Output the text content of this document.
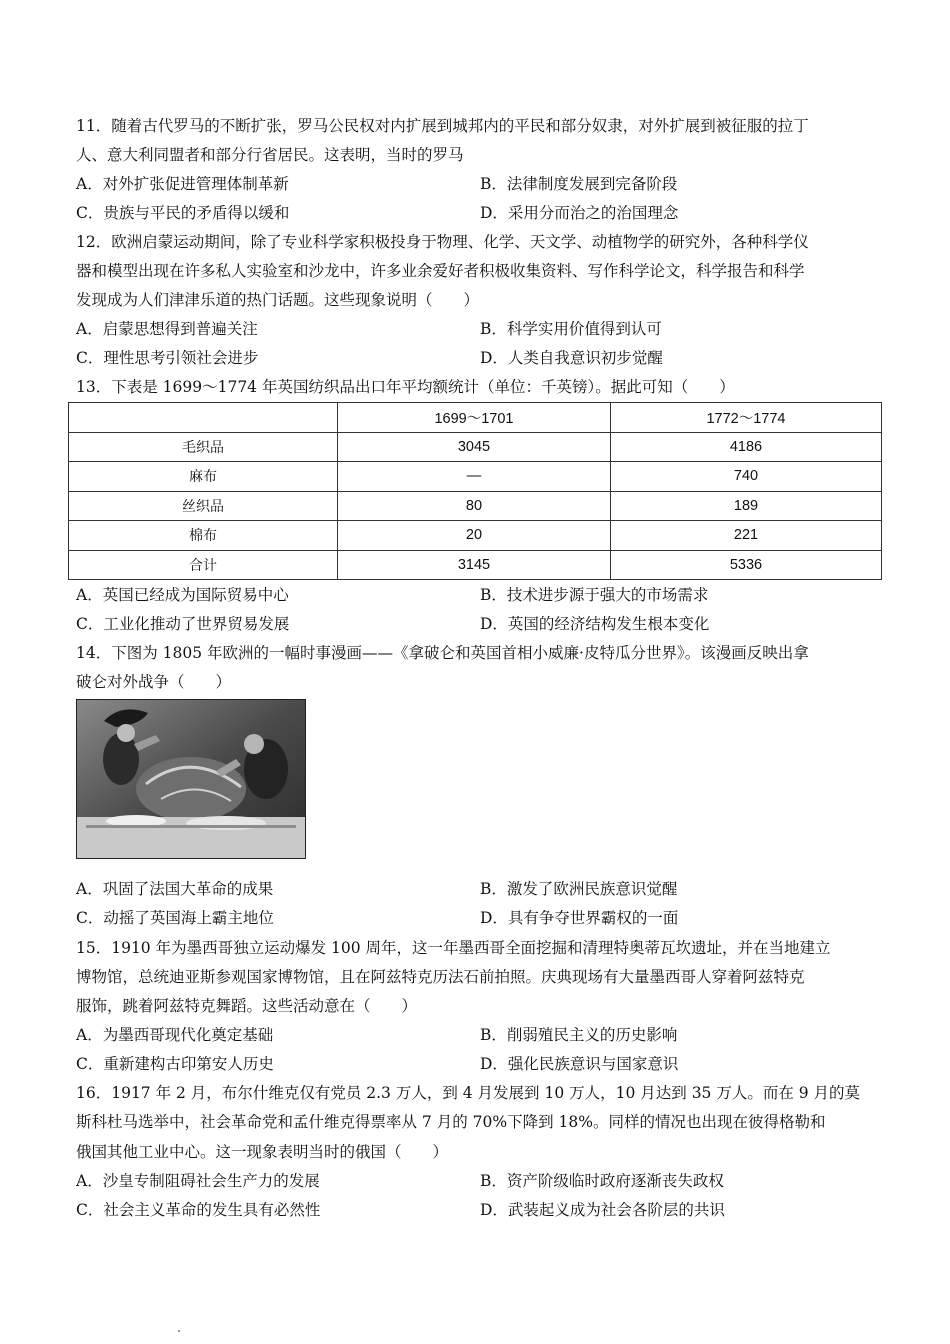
11．随着古代罗马的不断扩张，罗马公民权对内扩展到城邦内的平民和部分奴隶，对外扩展到被征服的拉丁
人、意大利同盟者和部分行省居民。这表明，当时的罗马
A．对外扩张促进管理体制革新	B．法律制度发展到完备阶段
C．贵族与平民的矛盾得以缓和	D．采用分而治之的治国理念
12．欧洲启蒙运动期间，除了专业科学家积极投身于物理、化学、天文学、动植物学的研究外，各种科学仪
器和模型出现在许多私人实验室和沙龙中，许多业余爱好者积极收集资料、写作科学论文，科学报告和科学
发现成为人们津津乐道的热门话题。这些现象说明（　　）
A．启蒙思想得到普遍关注	B．科学实用价值得到认可
C．理性思考引领社会进步	D．人类自我意识初步觉醒
13．下表是 1699～1774 年英国纺织品出口年平均额统计（单位：千英镑）。据此可知（　　）
	1699～1701	1772～1774
毛织品	3045	4186
麻布	—	740
丝织品	80	189
棉布	20	221
合计	3145	5336
A．英国已经成为国际贸易中心	B．技术进步源于强大的市场需求
C．工业化推动了世界贸易发展	D．英国的经济结构发生根本变化
14．下图为 1805 年欧洲的一幅时事漫画——《拿破仑和英国首相小威廉·皮特瓜分世界》。该漫画反映出拿
破仑对外战争（　　）
A．巩固了法国大革命的成果	B．激发了欧洲民族意识觉醒
C．动摇了英国海上霸主地位	D．具有争夺世界霸权的一面
15．1910 年为墨西哥独立运动爆发 100 周年，这一年墨西哥全面挖掘和清理特奥蒂瓦坎遗址，并在当地建立
博物馆，总统迪亚斯参观国家博物馆，且在阿兹特克历法石前拍照。庆典现场有大量墨西哥人穿着阿兹特克
服饰，跳着阿兹特克舞蹈。这些活动意在（　　）
A．为墨西哥现代化奠定基础	B．削弱殖民主义的历史影响
C．重新建构古印第安人历史	D．强化民族意识与国家意识
16．1917 年 2 月，布尔什维克仅有党员 2.3 万人，到 4 月发展到 10 万人，10 月达到 35 万人。而在 9 月的莫
斯科杜马选举中，社会革命党和孟什维克得票率从 7 月的 70%下降到 18%。同样的情况也出现在彼得格勒和
俄国其他工业中心。这一现象表明当时的俄国（　　）
A．沙皇专制阻碍社会生产力的发展	B．资产阶级临时政府逐渐丧失政权
C．社会主义革命的发生具有必然性	D．武装起义成为社会各阶层的共识
